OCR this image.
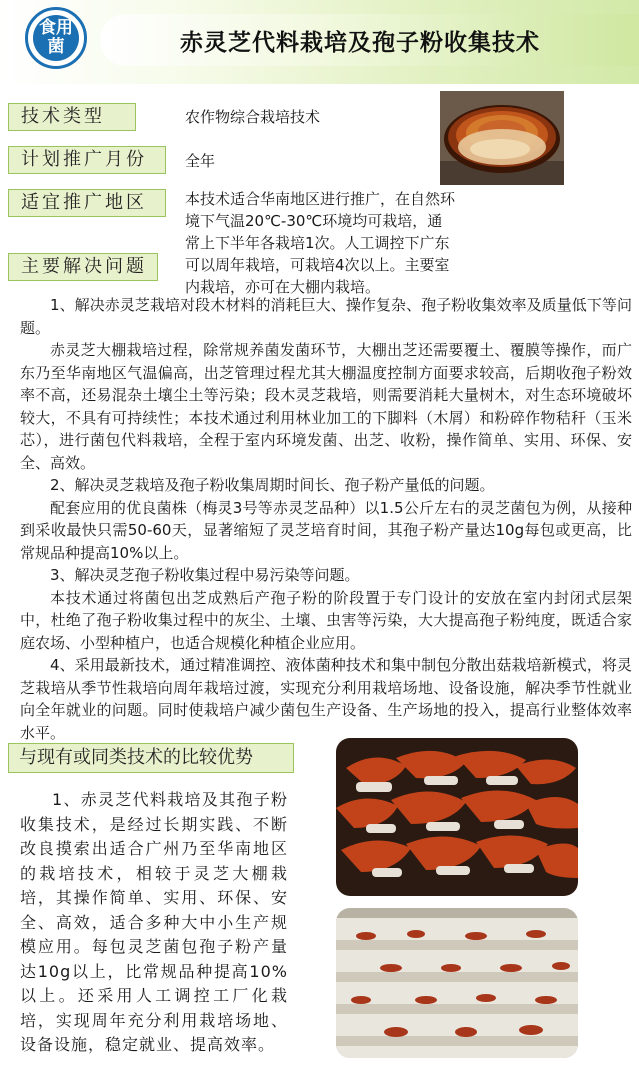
食用
菌	赤灵芝代料栽培及孢子粉收集技术
技术类型	农作物综合栽培技术
计划推广月份	全年
适宜推广地区	本技术适合华南地区进行推广，在自然环境下气温20℃-30℃环境均可栽培，通常上下半年各栽培1次。人工调控下广东可以周年栽培，可栽培4次以上。主要室内栽培，亦可在大棚内栽培。
主要解决问题

1、解决赤灵芝栽培对段木材料的消耗巨大、操作复杂、孢子粉收集效率及质量低下等问题。

赤灵芝大棚栽培过程，除常规养菌发菌环节，大棚出芝还需要覆土、覆膜等操作，而广东乃至华南地区气温偏高，出芝管理过程尤其大棚温度控制方面要求较高，后期收孢子粉效率不高，还易混杂土壤尘土等污染；段木灵芝栽培，则需要消耗大量树木，对生态环境破坏较大，不具有可持续性；本技术通过利用林业加工的下脚料（木屑）和粉碎作物秸秆（玉米芯），进行菌包代料栽培，全程于室内环境发菌、出芝、收粉，操作简单、实用、环保、安全、高效。

2、解决灵芝栽培及孢子粉收集周期时间长、孢子粉产量低的问题。

配套应用的优良菌株（梅灵3号等赤灵芝品种）以1.5公斤左右的灵芝菌包为例，从接种到采收最快只需50-60天，显著缩短了灵芝培育时间，其孢子粉产量达10g每包或更高，比常规品种提高10%以上。

3、解决灵芝孢子粉收集过程中易污染等问题。

本技术通过将菌包出芝成熟后产孢子粉的阶段置于专门设计的安放在室内封闭式层架中，杜绝了孢子粉收集过程中的灰尘、土壤、虫害等污染，大大提高孢子粉纯度，既适合家庭农场、小型种植户，也适合规模化种植企业应用。

4、采用最新技术，通过精准调控、液体菌种技术和集中制包分散出菇栽培新模式，将灵芝栽培从季节性栽培向周年栽培过渡，实现充分利用栽培场地、设备设施，解决季节性就业向全年就业的问题。同时使栽培户减少菌包生产设备、生产场地的投入，提高行业整体效率水平。

与现有或同类技术的比较优势

1、赤灵芝代料栽培及其孢子粉收集技术，是经过长期实践、不断改良摸索出适合广州乃至华南地区的栽培技术，相较于灵芝大棚栽培，其操作简单、实用、环保、安全、高效，适合多种大中小生产规模应用。每包灵芝菌包孢子粉产量达10g以上，比常规品种提高10%以上。还采用人工调控工厂化栽培，实现周年充分利用栽培场地、设备设施，稳定就业、提高效率。
